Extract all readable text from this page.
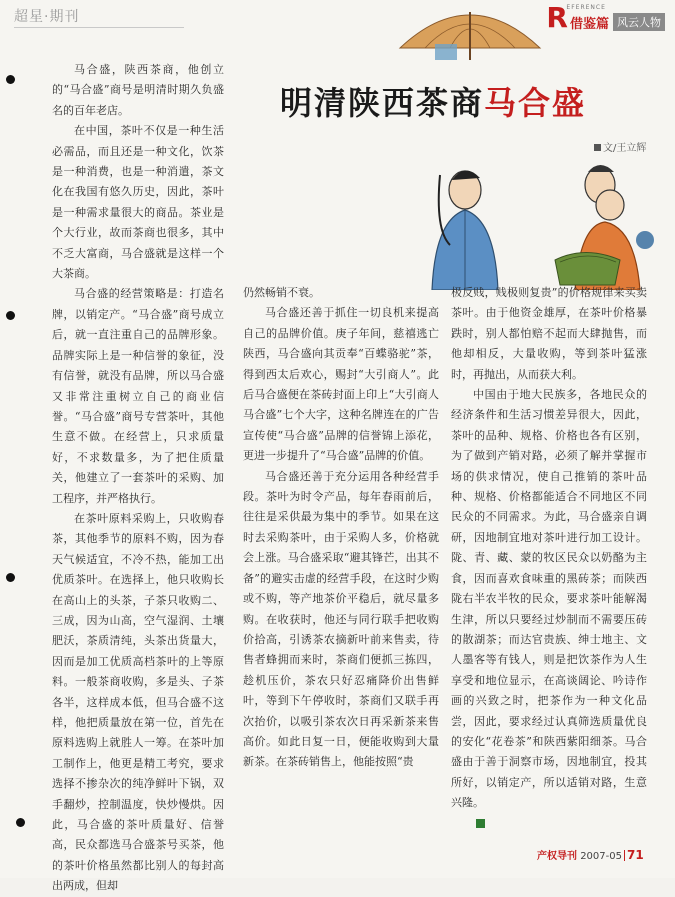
超星·期刊	R
EFERENCE
借鉴篇 风云人物
明清陕西茶商马合盛
文/王立辉

马合盛，陕西茶商，他创立的“马合盛”商号是明清时期久负盛名的百年老店。

在中国，茶叶不仅是一种生活必需品，而且还是一种文化，饮茶是一种消费，也是一种消遣，茶文化在我国有悠久历史，因此，茶叶是一种需求量很大的商品。茶业是个大行业，故而茶商也很多，其中不乏大富商，马合盛就是这样一个大茶商。

马合盛的经营策略是：打造名牌，以销定产。“马合盛”商号成立后，就一直注重自己的品牌形象。品牌实际上是一种信誉的象征，没有信誉，就没有品牌，所以马合盛又非常注重树立自己的商业信誉。“马合盛”商号专营茶叶，其他生意不做。在经营上，只求质量好，不求数量多，为了把住质量关，他建立了一套茶叶的采购、加工程序，并严格执行。

在茶叶原料采购上，只收购春茶，其他季节的原料不购，因为春天气候适宜，不冷不热，能加工出优质茶叶。在选择上，他只收购长在高山上的头茶，子茶只收购二、三成，因为山高，空气湿润、土壤肥沃，茶质清纯，头茶出货量大，因而是加工优质高档茶叶的上等原料。一般茶商收购，多是头、子茶各半，这样成本低，但马合盛不这样，他把质量放在第一位，首先在原料选购上就胜人一筹。在茶叶加工制作上，他更是精工考究，要求选择不掺杂次的纯净鲜叶下锅，双手翻炒，控制温度，快炒慢烘。因此，马合盛的茶叶质量好、信誉高，民众都选马合盛茶号买茶，他的茶叶价格虽然都比别人的每封高出两成，但却

仍然畅销不衰。

马合盛还善于抓住一切良机来提高自己的品牌价值。庚子年间，慈禧逃亡陕西，马合盛向其贡奉“百蝶骆驼”茶，得到西太后欢心，赐封“大引商人”。此后马合盛便在茶砖封面上印上“大引商人马合盛”七个大字，这种名牌连在的广告宣传使“马合盛”品牌的信誉锦上添花，更进一步提升了“马合盛”品牌的价值。

马合盛还善于充分运用各种经营手段。茶叶为时令产品，每年春雨前后，往往是采供最为集中的季节。如果在这时去采购茶叶，由于采购人多，价格就会上涨。马合盛采取“避其锋芒，出其不备”的避实击虚的经营手段，在这时少购或不购，等产地茶价平稳后，就尽量多购。在收获时，他还与同行联手把收购价拾高，引诱茶农摘新叶前来售卖，待售者蜂拥而来时，茶商们便抓三拣四，趁机压价，茶农只好忍痛降价出售鲜叶，等到下午停收时，茶商们又联手再次抬价，以吸引茶农次日再采新茶来售高价。如此日复一日，便能收购到大量新茶。在茶砖销售上，他能按照“贵

极反贱，贱极则复贵”的价格规律来买卖茶叶。由于他资金雄厚，在茶叶价格暴跌时，别人都怕赔不起而大肆抛售，而他却相反，大量收购，等到茶叶猛涨时，再抛出，从而获大利。

中国由于地大民族多，各地民众的经济条件和生活习惯差异很大，因此，茶叶的品种、规格、价格也各有区别，为了做到产销对路，必须了解并掌握市场的供求情况，使自己推销的茶叶品种、规格、价格都能适合不同地区不同民众的不同需求。为此，马合盛亲自调研，因地制宜地对茶叶进行加工设计。陇、青、藏、蒙的牧区民众以奶酪为主食，因而喜欢食味重的黑砖茶；而陕西陇右半农半牧的民众，要求茶叶能解渴生津，所以只要经过炒制而不需要压砖的散湖茶；而达官贵族、绅士地主、文人墨客等有钱人，则是把饮茶作为人生享受和地位显示，在高谈阔论、吟诗作画的兴致之时，把茶作为一种文化品尝，因此，要求经过认真筛选质量优良的安化“花卷茶”和陕西紫阳细茶。马合盛由于善于洞察市场，因地制宜，投其所好，以销定产，所以适销对路，生意兴隆。

产权导刊 2007-05 71
